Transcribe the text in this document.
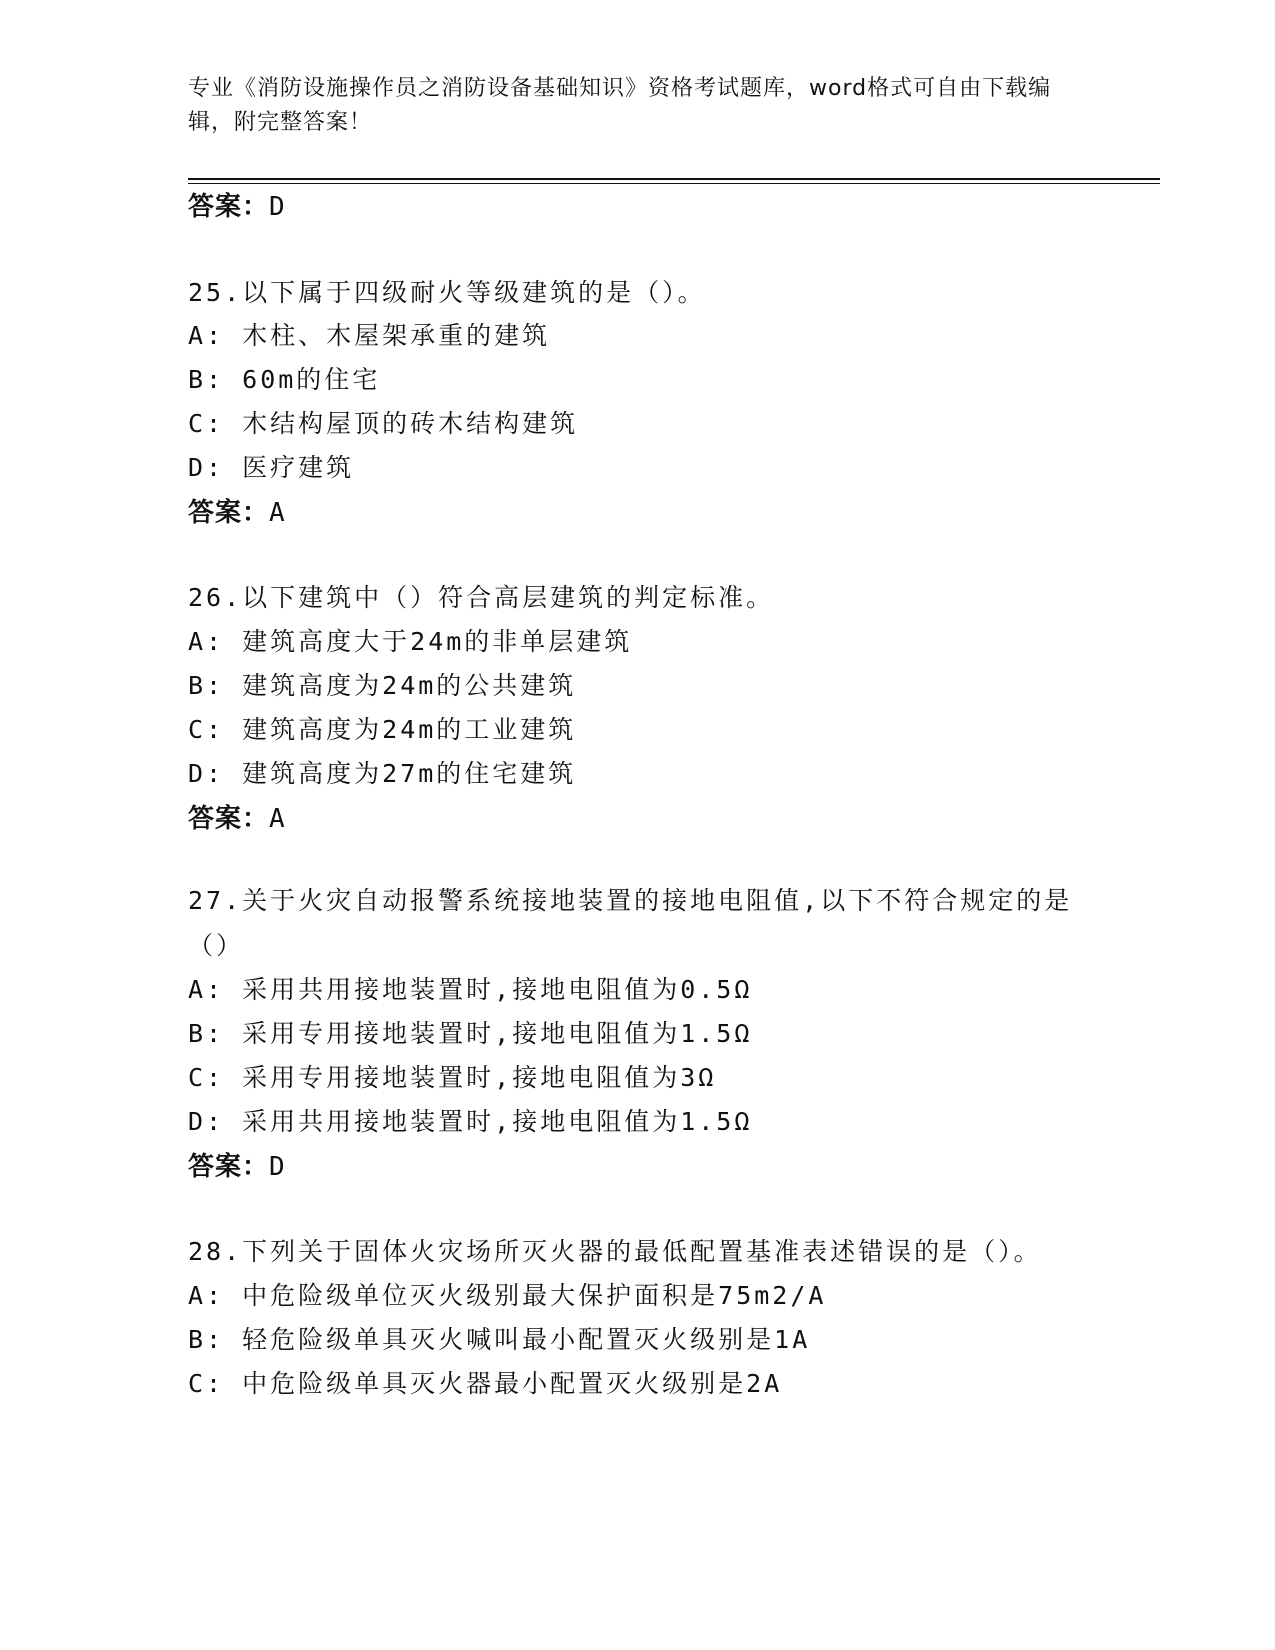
专业《消防设施操作员之消防设备基础知识》资格考试题库，word格式可自由下载编辑，附完整答案！
答案：D
25.以下属于四级耐火等级建筑的是（）。
A: 木柱、木屋架承重的建筑
B: 60m的住宅
C: 木结构屋顶的砖木结构建筑
D: 医疗建筑
答案：A
26.以下建筑中（）符合高层建筑的判定标准。
A: 建筑高度大于24m的非单层建筑
B: 建筑高度为24m的公共建筑
C: 建筑高度为24m的工业建筑
D: 建筑高度为27m的住宅建筑
答案：A
27.关于火灾自动报警系统接地装置的接地电阻值,以下不符合规定的是（）
A: 采用共用接地装置时,接地电阻值为0.5Ω
B: 采用专用接地装置时,接地电阻值为1.5Ω
C: 采用专用接地装置时,接地电阻值为3Ω
D: 采用共用接地装置时,接地电阻值为1.5Ω
答案：D
28.下列关于固体火灾场所灭火器的最低配置基准表述错误的是（）。
A: 中危险级单位灭火级别最大保护面积是75m2/A
B: 轻危险级单具灭火喊叫最小配置灭火级别是1A
C: 中危险级单具灭火器最小配置灭火级别是2A
